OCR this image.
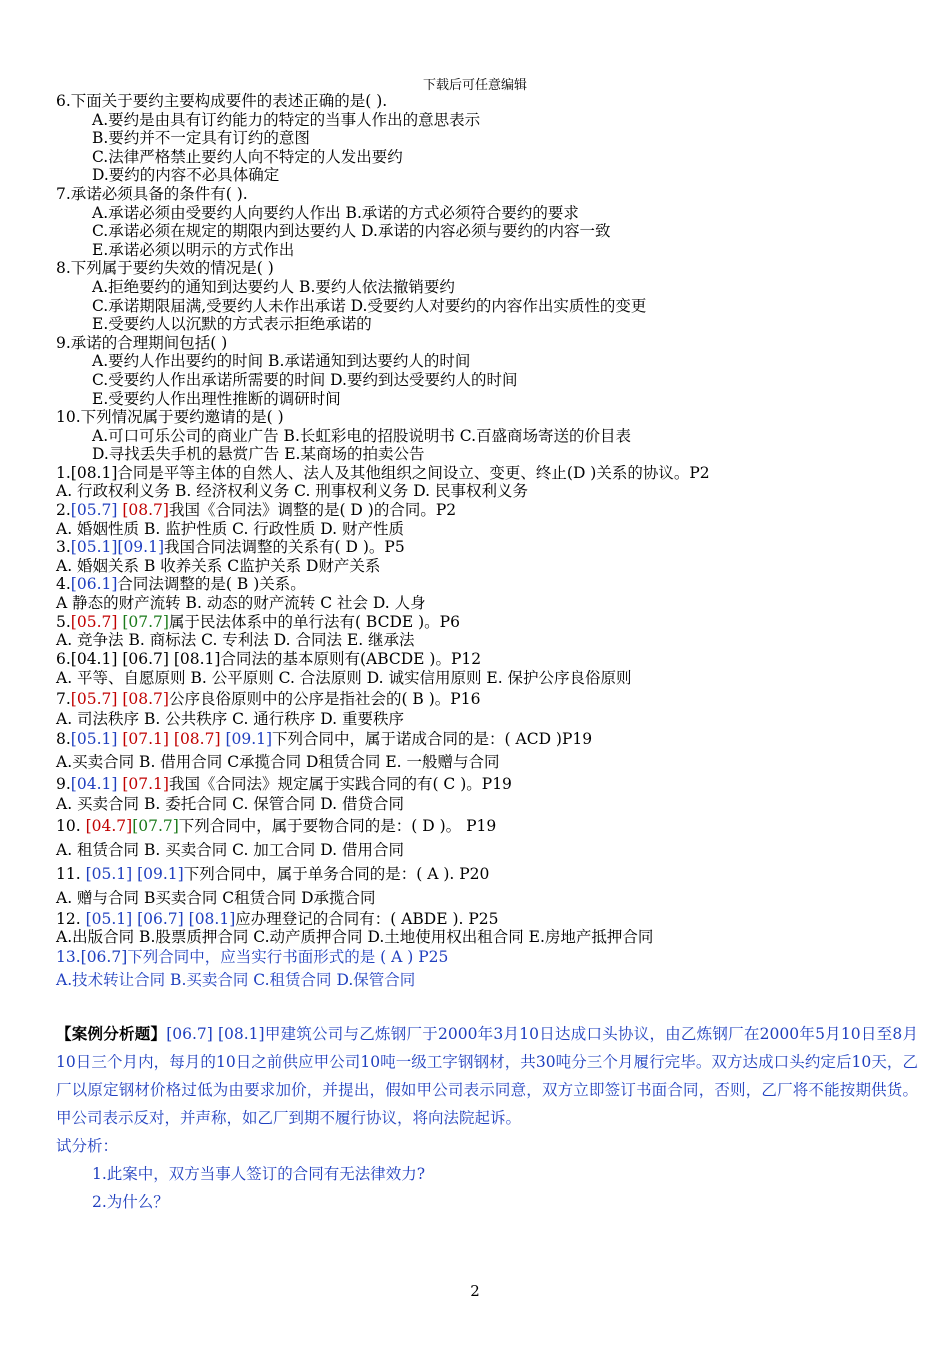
下载后可任意编辑
6.下面关于要约主要构成要件的表述正确的是( ).
A.要约是由具有订约能力的特定的当事人作出的意思表示
B.要约并不一定具有订约的意图
C.法律严格禁止要约人向不特定的人发出要约
D.要约的内容不必具体确定
7.承诺必须具备的条件有( ).
A.承诺必须由受要约人向要约人作出 B.承诺的方式必须符合要约的要求
C.承诺必须在规定的期限内到达要约人 D.承诺的内容必须与要约的内容一致
E.承诺必须以明示的方式作出
8.下列属于要约失效的情况是( )
A.拒绝要约的通知到达要约人 B.要约人依法撤销要约
C.承诺期限届满,受要约人未作出承诺 D.受要约人对要约的内容作出实质性的变更
E.受要约人以沉默的方式表示拒绝承诺的
9.承诺的合理期间包括( )
A.要约人作出要约的时间 B.承诺通知到达要约人的时间
C.受要约人作出承诺所需要的时间 D.要约到达受要约人的时间
E.受要约人作出理性推断的调研时间
10.下列情况属于要约邀请的是( )
A.可口可乐公司的商业广告 B.长虹彩电的招股说明书 C.百盛商场寄送的价目表
D.寻找丢失手机的悬赏广告 E.某商场的拍卖公告
1.[08.1]合同是平等主体的自然人、法人及其他组织之间设立、变更、终止(D )关系的协议。P2
A. 行政权利义务 B. 经济权利义务 C. 刑事权利义务 D. 民事权利义务
2.[05.7] [08.7]我国《合同法》调整的是( D )的合同。P2
A. 婚姻性质 B. 监护性质 C. 行政性质 D. 财产性质
3.[05.1][09.1]我国合同法调整的关系有( D )。P5
A. 婚姻关系 B 收养关系 C监护关系 D财产关系
4.[06.1]合同法调整的是( B )关系。
A 静态的财产流转 B. 动态的财产流转 C 社会 D. 人身
5.[05.7] [07.7]属于民法体系中的单行法有( BCDE )。P6
A. 竞争法 B. 商标法 C. 专利法 D. 合同法 E. 继承法
6.[04.1] [06.7] [08.1]合同法的基本原则有(ABCDE )。P12
A. 平等、自愿原则 B. 公平原则 C. 合法原则 D. 诚实信用原则 E. 保护公序良俗原则
7.[05.7] [08.7]公序良俗原则中的公序是指社会的( B )。P16
A. 司法秩序 B. 公共秩序 C. 通行秩序 D. 重要秩序
8.[05.1] [07.1] [08.7] [09.1]下列合同中，属于诺成合同的是：( ACD )P19
A.买卖合同 B. 借用合同 C承揽合同 D租赁合同 E. 一般赠与合同
9.[04.1] [07.1]我国《合同法》规定属于实践合同的有( C )。P19
A. 买卖合同 B. 委托合同 C. 保管合同 D. 借贷合同
10. [04.7][07.7]下列合同中，属于要物合同的是：( D )。 P19
A. 租赁合同 B. 买卖合同 C. 加工合同 D. 借用合同
11. [05.1] [09.1]下列合同中，属于单务合同的是：( A ). P20
A. 赠与合同 B买卖合同 C租赁合同 D承揽合同
12. [05.1] [06.7] [08.1]应办理登记的合同有：( ABDE ). P25
A.出版合同 B.股票质押合同 C.动产质押合同 D.土地使用权出租合同 E.房地产抵押合同
13.[06.7]下列合同中，应当实行书面形式的是 ( A ) P25
A.技术转让合同 B.买卖合同 C.租赁合同 D.保管合同
【案例分析题】[06.7] [08.1]甲建筑公司与乙炼钢厂于2000年3月10日达成口头协议，由乙炼钢厂在2000年5月10日至8月10日三个月内，每月的10日之前供应甲公司10吨一级工字钢钢材，共30吨分三个月履行完毕。双方达成口头约定后10天，乙厂以原定钢材价格过低为由要求加价，并提出，假如甲公司表示同意，双方立即签订书面合同，否则，乙厂将不能按期供货。甲公司表示反对，并声称，如乙厂到期不履行协议，将向法院起诉。
试分析：
1.此案中，双方当事人签订的合同有无法律效力?
2.为什么？
2
